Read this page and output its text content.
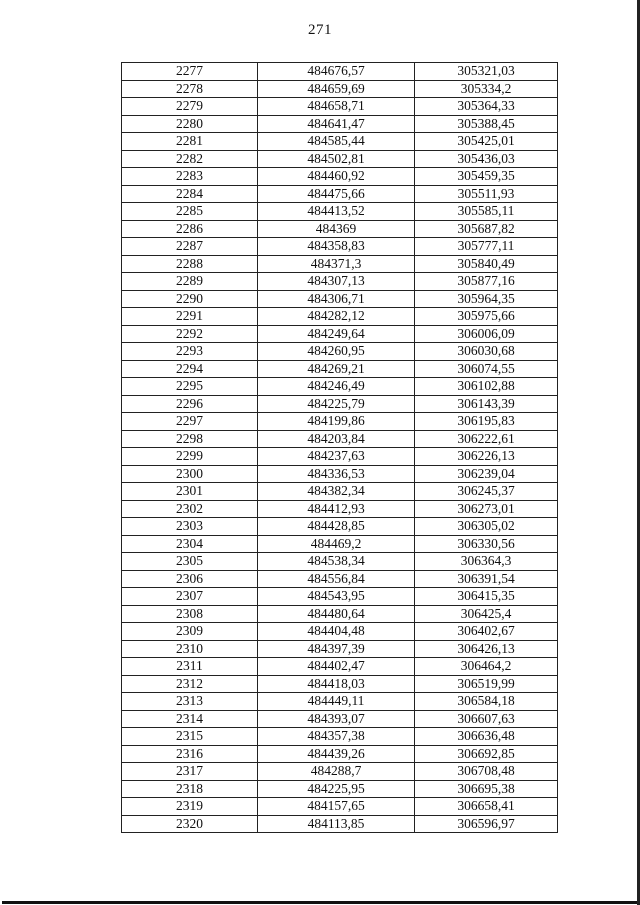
271
2277	484676,57	305321,03
2278	484659,69	305334,2
2279	484658,71	305364,33
2280	484641,47	305388,45
2281	484585,44	305425,01
2282	484502,81	305436,03
2283	484460,92	305459,35
2284	484475,66	305511,93
2285	484413,52	305585,11
2286	484369	305687,82
2287	484358,83	305777,11
2288	484371,3	305840,49
2289	484307,13	305877,16
2290	484306,71	305964,35
2291	484282,12	305975,66
2292	484249,64	306006,09
2293	484260,95	306030,68
2294	484269,21	306074,55
2295	484246,49	306102,88
2296	484225,79	306143,39
2297	484199,86	306195,83
2298	484203,84	306222,61
2299	484237,63	306226,13
2300	484336,53	306239,04
2301	484382,34	306245,37
2302	484412,93	306273,01
2303	484428,85	306305,02
2304	484469,2	306330,56
2305	484538,34	306364,3
2306	484556,84	306391,54
2307	484543,95	306415,35
2308	484480,64	306425,4
2309	484404,48	306402,67
2310	484397,39	306426,13
2311	484402,47	306464,2
2312	484418,03	306519,99
2313	484449,11	306584,18
2314	484393,07	306607,63
2315	484357,38	306636,48
2316	484439,26	306692,85
2317	484288,7	306708,48
2318	484225,95	306695,38
2319	484157,65	306658,41
2320	484113,85	306596,97
